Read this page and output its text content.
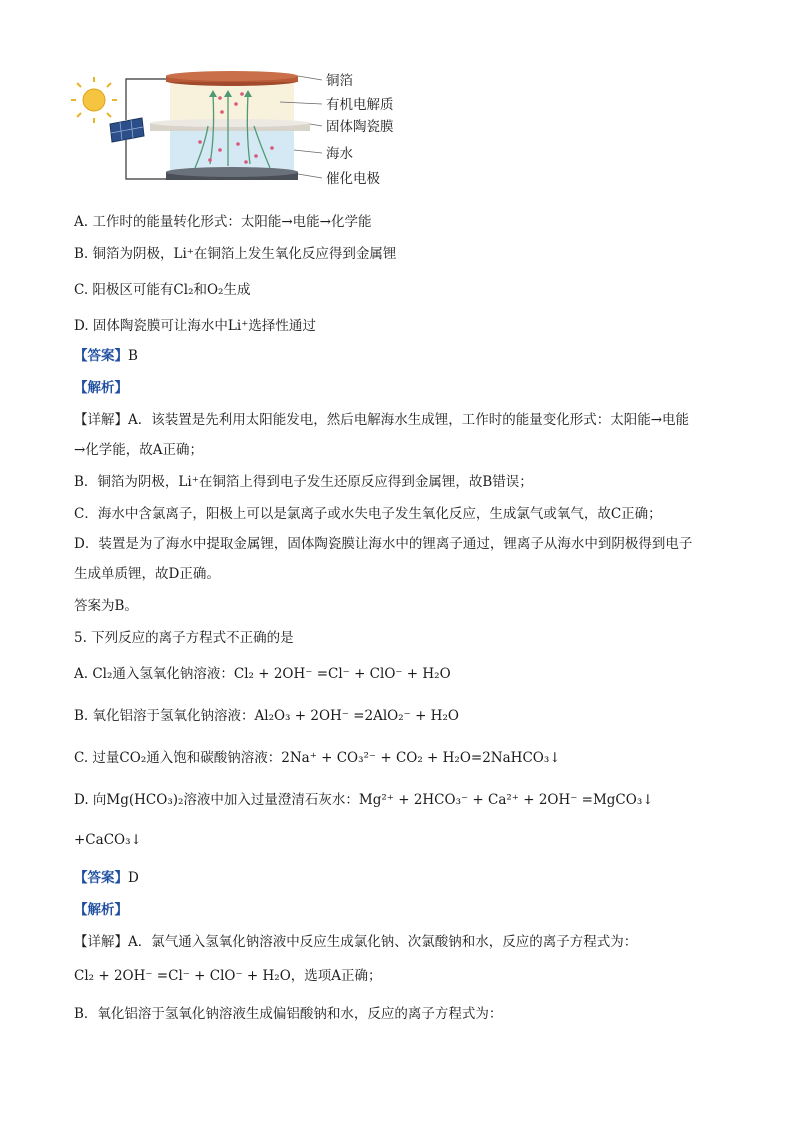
铜箔
有机电解质
固体陶瓷膜
海水
催化电极
A. 工作时的能量转化形式：太阳能→电能→化学能
B. 铜箔为阴极，Li⁺在铜箔上发生氧化反应得到金属锂
C. 阳极区可能有Cl₂和O₂生成
D. 固体陶瓷膜可让海水中Li⁺选择性通过
【答案】B
【解析】
【详解】A．该装置是先利用太阳能发电，然后电解海水生成锂，工作时的能量变化形式：太阳能→电能
→化学能，故A正确；
B．铜箔为阴极，Li⁺在铜箔上得到电子发生还原反应得到金属锂，故B错误；
C．海水中含氯离子，阳极上可以是氯离子或水失电子发生氧化反应，生成氯气或氧气，故C正确；
D．装置是为了海水中提取金属锂，固体陶瓷膜让海水中的锂离子通过，锂离子从海水中到阴极得到电子
生成单质锂，故D正确。
答案为B。
5. 下列反应的离子方程式不正确的是
A. Cl₂通入氢氧化钠溶液：Cl₂ + 2OH⁻ =Cl⁻ + ClO⁻ + H₂O
B. 氧化铝溶于氢氧化钠溶液：Al₂O₃ + 2OH⁻ =2AlO₂⁻ + H₂O
C. 过量CO₂通入饱和碳酸钠溶液：2Na⁺ + CO₃²⁻ + CO₂ + H₂O=2NaHCO₃↓
D. 向Mg(HCO₃)₂溶液中加入过量澄清石灰水：Mg²⁺ + 2HCO₃⁻ + Ca²⁺ + 2OH⁻ =MgCO₃↓
+CaCO₃↓
【答案】D
【解析】
【详解】A．氯气通入氢氧化钠溶液中反应生成氯化钠、次氯酸钠和水，反应的离子方程式为：
Cl₂ + 2OH⁻ =Cl⁻ + ClO⁻ + H₂O，选项A正确；
B．氧化铝溶于氢氧化钠溶液生成偏铝酸钠和水，反应的离子方程式为：
